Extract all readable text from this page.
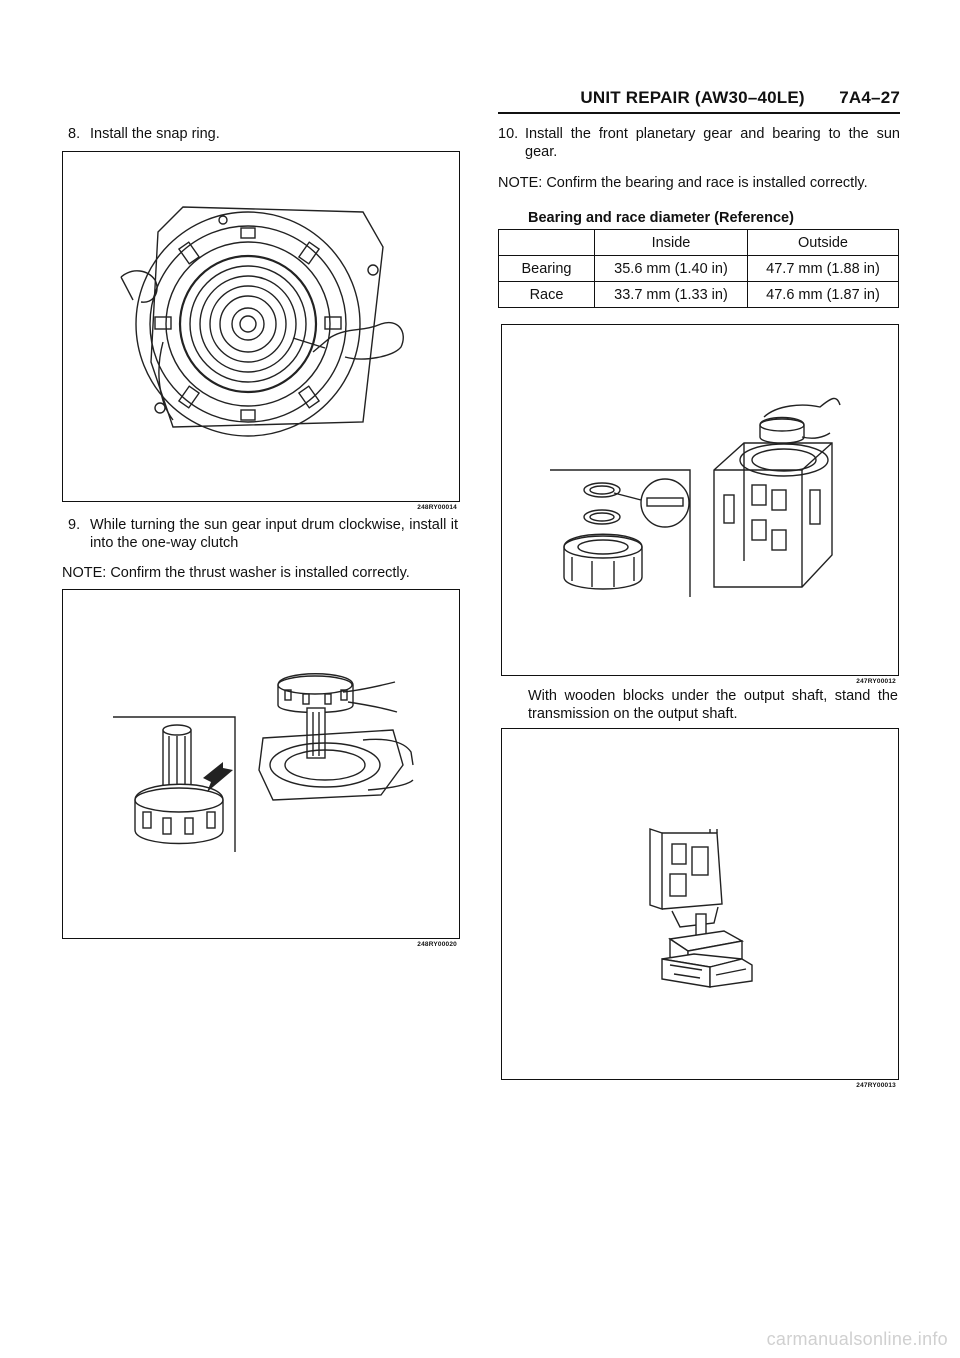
UNIT REPAIR (AW30–40LE)       7A4–27
8. Install the snap ring.
248RY00014
9. While turning the sun gear input drum clockwise, install it into the one-way clutch
NOTE: Confirm the thrust washer is installed correctly.
248RY00020
10. Install the front planetary gear and bearing to the sun gear.
NOTE: Confirm the bearing and race is installed correctly.
Bearing and race diameter (Reference)
	Inside	Outside
Bearing	35.6 mm (1.40 in)	47.7 mm (1.88 in)
Race	33.7 mm (1.33 in)	47.6 mm (1.87 in)
247RY00012
With wooden blocks under the output shaft, stand the transmission on the output shaft.
247RY00013
carmanualsonline.info
